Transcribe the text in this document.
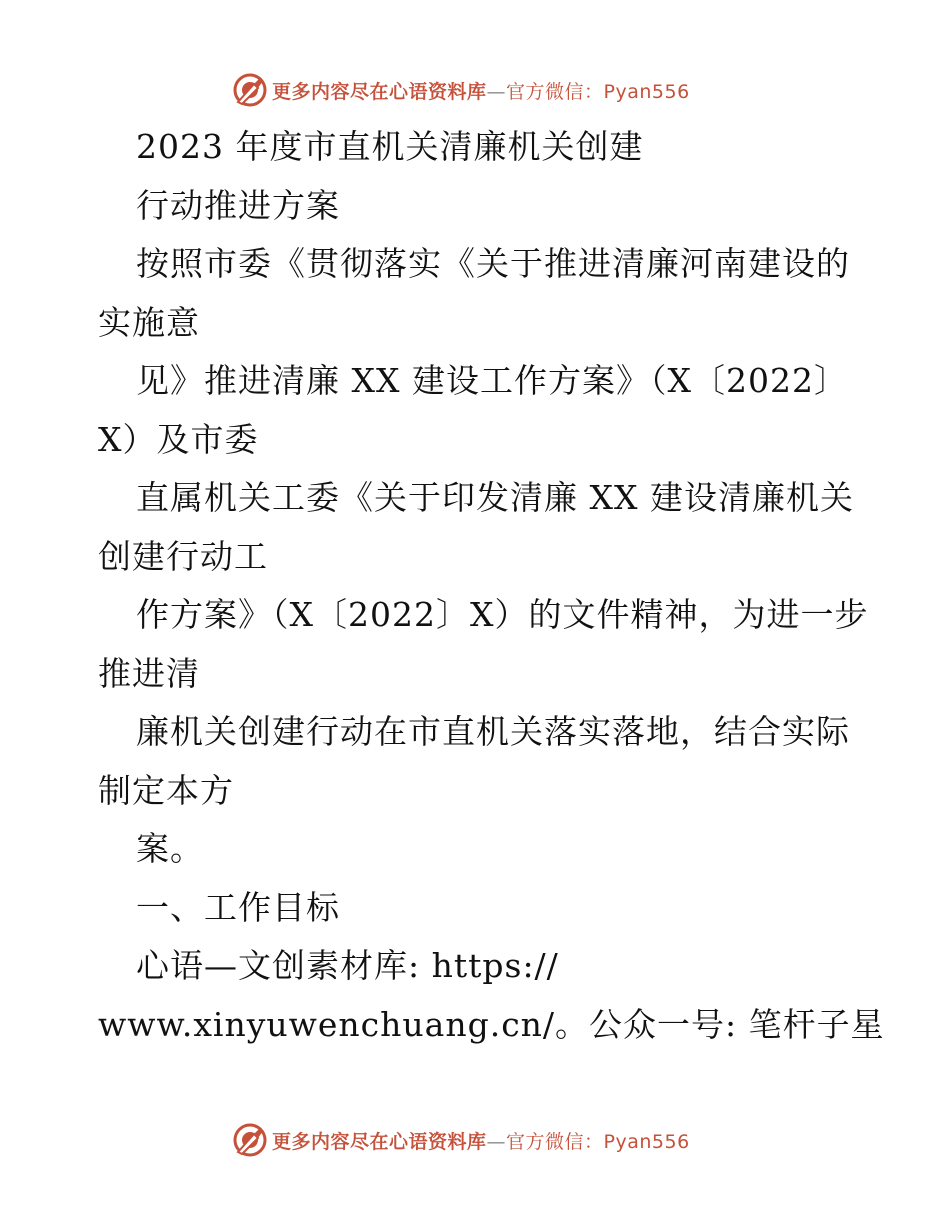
更多内容尽在心语资料库—官方微信：Pyan556
2023 年度市直机关清廉机关创建
行动推进方案
按照市委《贯彻落实《关于推进清廉河南建设的
实施意
见》推进清廉 XX 建设工作方案》（X〔2022〕
X）及市委
直属机关工委《关于印发清廉 XX 建设清廉机关
创建行动工
作方案》（X〔2022〕X）的文件精神，为进一步
推进清
廉机关创建行动在市直机关落实落地，结合实际
制定本方
案。
一、工作目标
心语—文创素材库: https://
www.xinyuwenchuang.cn/。公众一号: 笔杆子星
更多内容尽在心语资料库—官方微信：Pyan556
